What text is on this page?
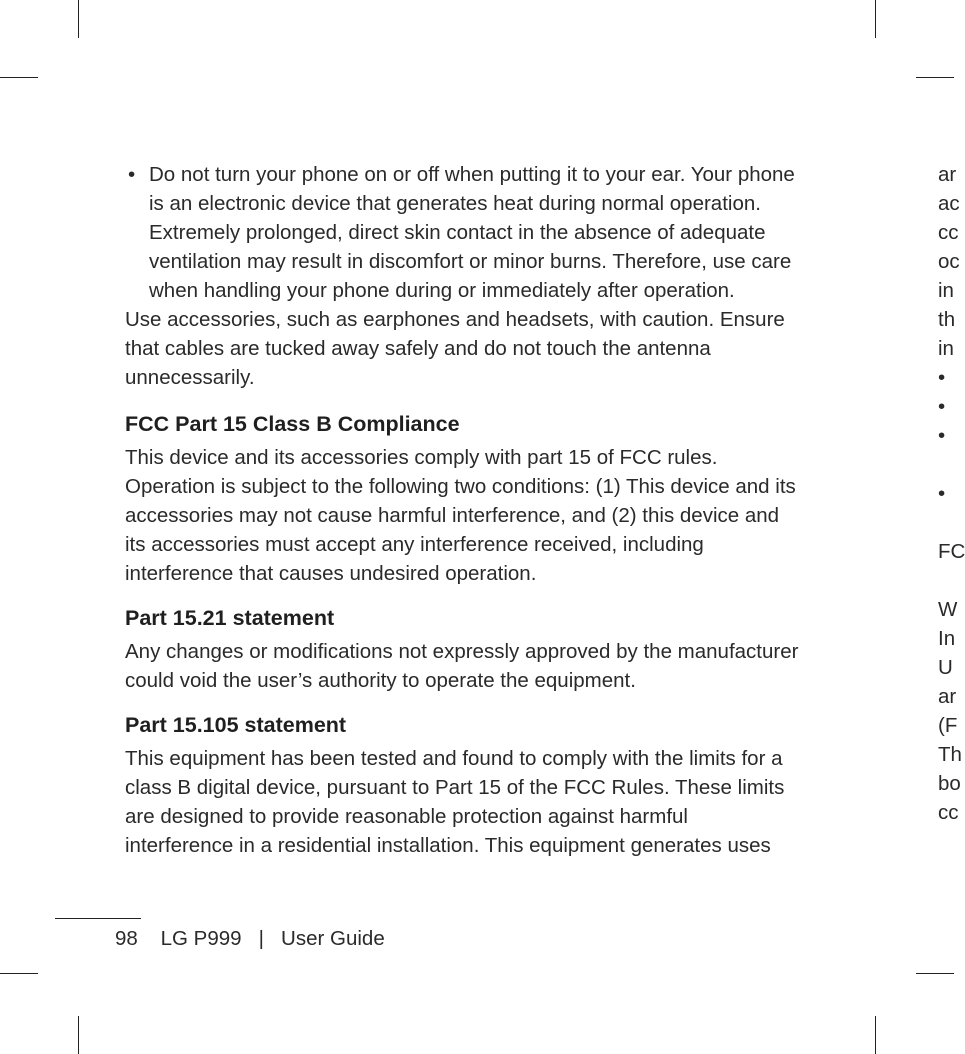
• Do not turn your phone on or off when putting it to your ear. Your phone is an electronic device that generates heat during normal operation. Extremely prolonged, direct skin contact in the absence of adequate ventilation may result in discomfort or minor burns. Therefore, use care when handling your phone during or immediately after operation.

Use accessories, such as earphones and headsets, with caution. Ensure that cables are tucked away safely and do not touch the antenna unnecessarily.

FCC Part 15 Class B Compliance

This device and its accessories comply with part 15 of FCC rules. Operation is subject to the following two conditions: (1) This device and its accessories may not cause harmful interference, and (2) this device and its accessories must accept any interference received, including interference that causes undesired operation.

Part 15.21 statement

Any changes or modifications not expressly approved by the manufacturer could void the user’s authority to operate the equipment.

Part 15.105 statement

This equipment has been tested and found to comply with the limits for a class B digital device, pursuant to Part 15 of the FCC Rules. These limits are designed to provide reasonable protection against harmful interference in a residential installation. This equipment generates uses

98 LG P999 | User Guide
ar
ac
cc
oc
in
th
in
•
•
•
•
FC
W
In
U
ar
(F
Th
bo
cc
